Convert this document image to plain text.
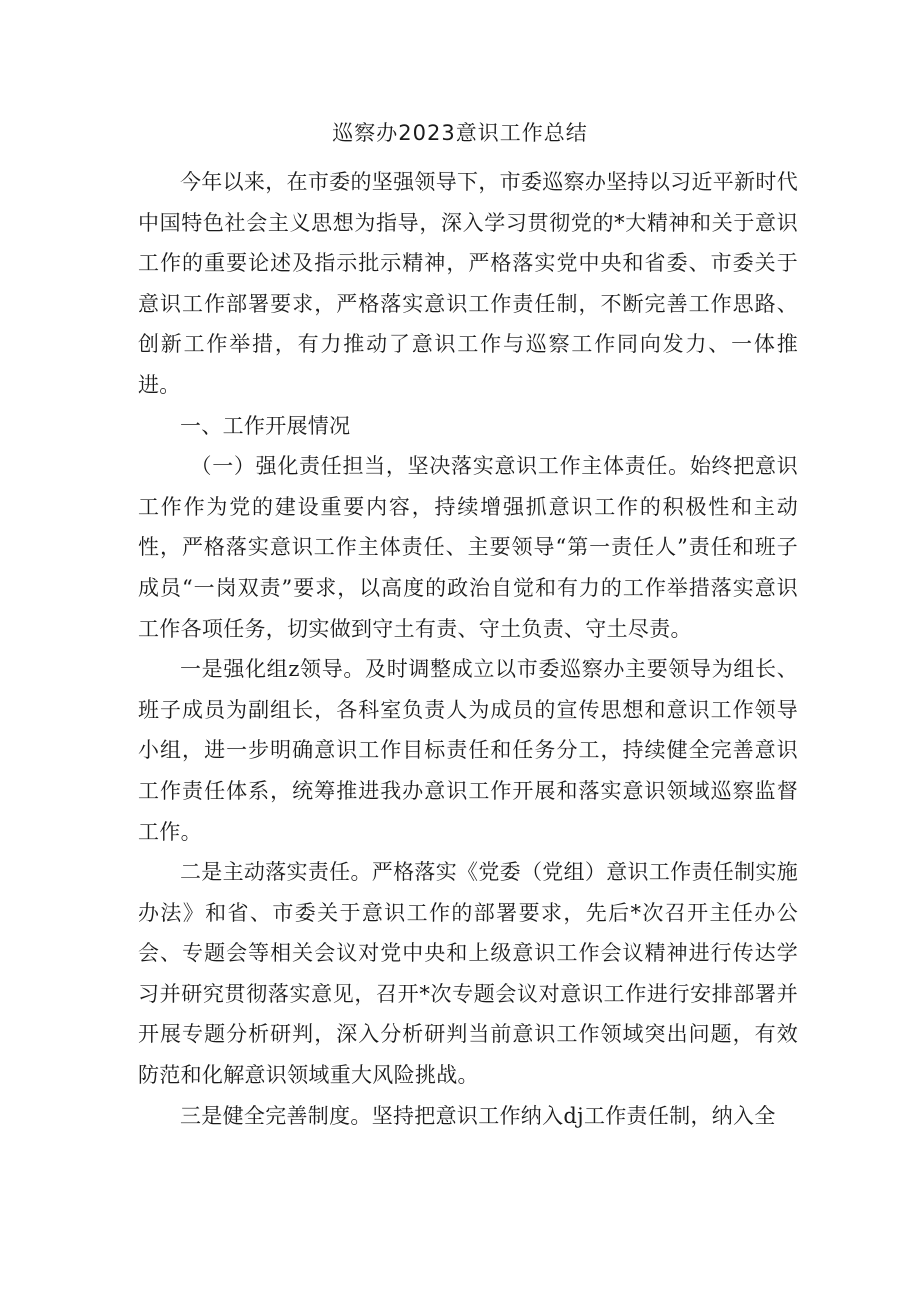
巡察办2023意识工作总结

今年以来，在市委的坚强领导下，市委巡察办坚持以习近平新时代中国特色社会主义思想为指导，深入学习贯彻党的*大精神和关于意识工作的重要论述及指示批示精神，严格落实党中央和省委、市委关于意识工作部署要求，严格落实意识工作责任制，不断完善工作思路、创新工作举措，有力推动了意识工作与巡察工作同向发力、一体推进。

一、工作开展情况

（一）强化责任担当，坚决落实意识工作主体责任。始终把意识工作作为党的建设重要内容，持续增强抓意识工作的积极性和主动性，严格落实意识工作主体责任、主要领导“第一责任人”责任和班子成员“一岗双责”要求，以高度的政治自觉和有力的工作举措落实意识工作各项任务，切实做到守土有责、守土负责、守土尽责。

一是强化组z领导。及时调整成立以市委巡察办主要领导为组长、班子成员为副组长，各科室负责人为成员的宣传思想和意识工作领导小组，进一步明确意识工作目标责任和任务分工，持续健全完善意识工作责任体系，统筹推进我办意识工作开展和落实意识领域巡察监督工作。

二是主动落实责任。严格落实《党委（党组）意识工作责任制实施办法》和省、市委关于意识工作的部署要求，先后*次召开主任办公会、专题会等相关会议对党中央和上级意识工作会议精神进行传达学习并研究贯彻落实意见，召开*次专题会议对意识工作进行安排部署并开展专题分析研判，深入分析研判当前意识工作领域突出问题，有效防范和化解意识领域重大风险挑战。

三是健全完善制度。坚持把意识工作纳入dj工作责任制，纳入全
